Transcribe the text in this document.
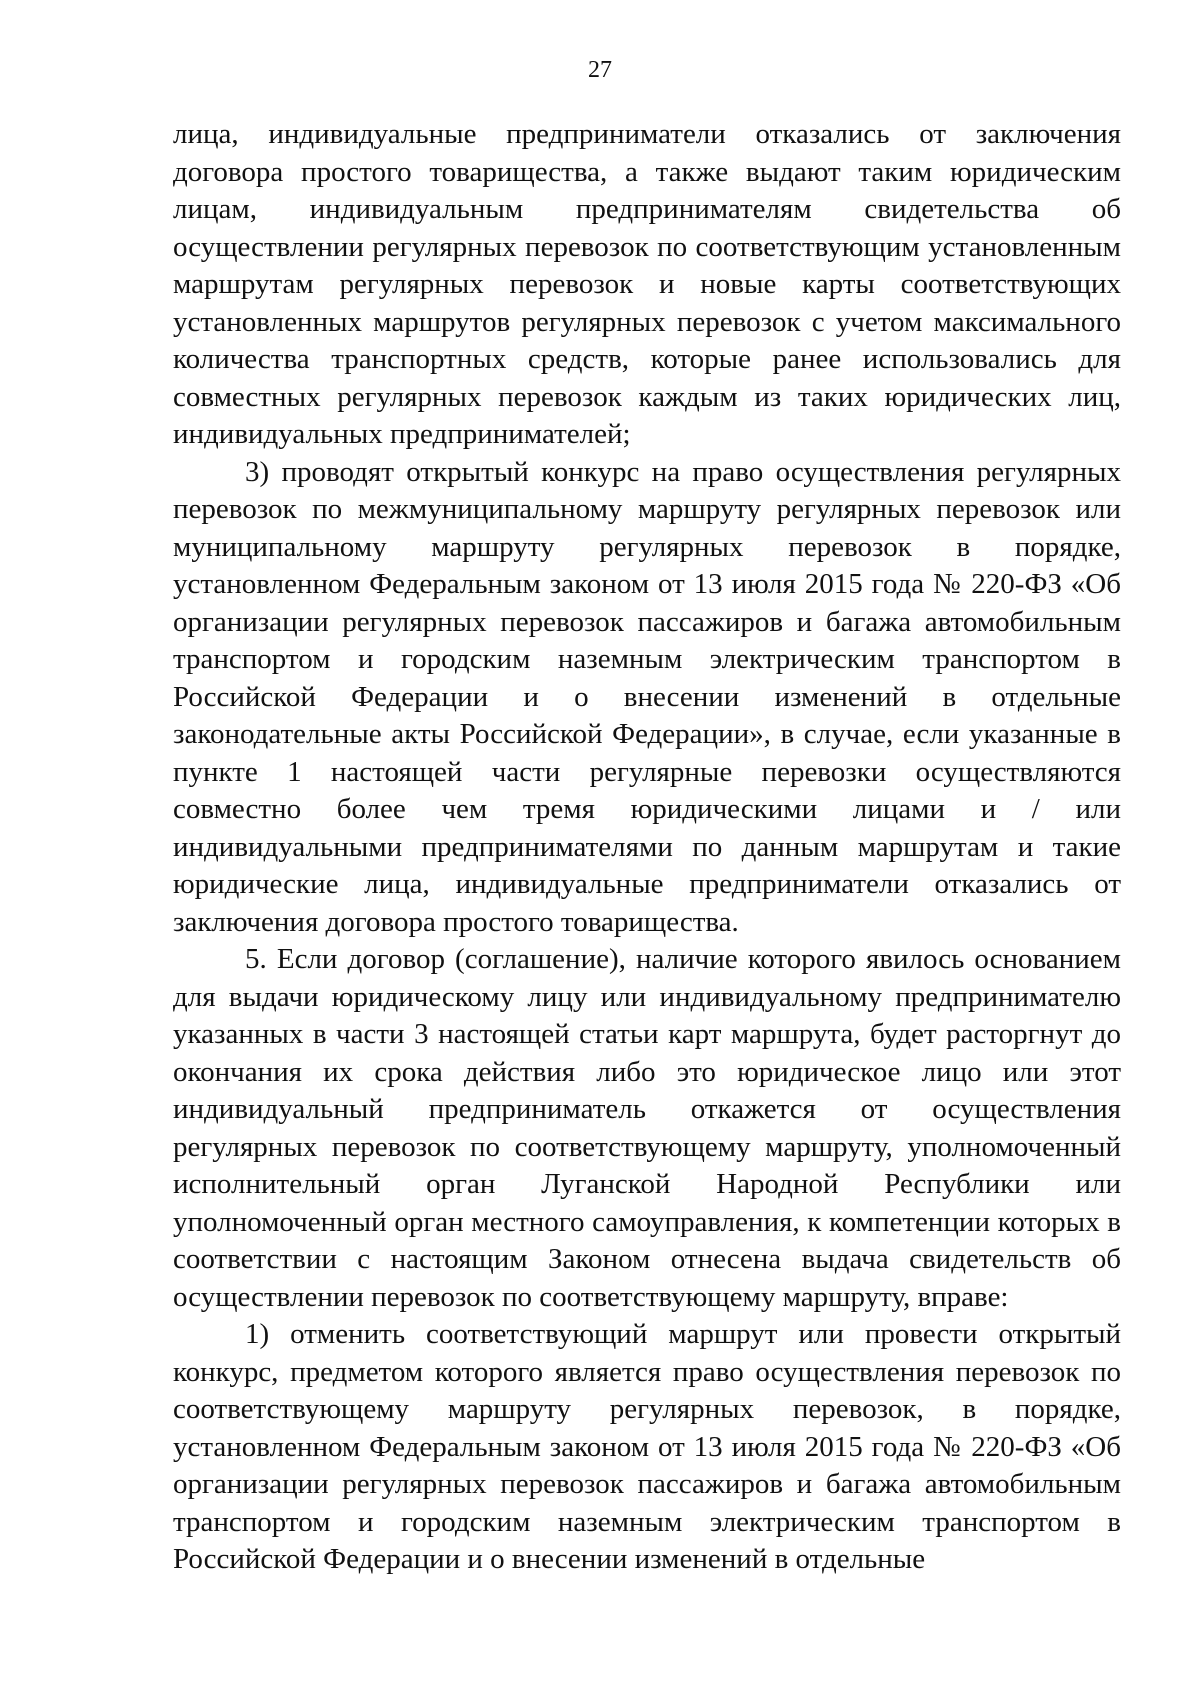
27

лица, индивидуальные предприниматели отказались от заключения договора простого товарищества, а также выдают таким юридическим лицам, индивидуальным предпринимателям свидетельства об осуществлении регулярных перевозок по соответствующим установленным маршрутам регулярных перевозок и новые карты соответствующих установленных маршрутов регулярных перевозок с учетом максимального количества транспортных средств, которые ранее использовались для совместных регулярных перевозок каждым из таких юридических лиц, индивидуальных предпринимателей;

3) проводят открытый конкурс на право осуществления регулярных перевозок по межмуниципальному маршруту регулярных перевозок или муниципальному маршруту регулярных перевозок в порядке, установленном Федеральным законом от 13 июля 2015 года № 220-ФЗ «Об организации регулярных перевозок пассажиров и багажа автомобильным транспортом и городским наземным электрическим транспортом в Российской Федерации и о внесении изменений в отдельные законодательные акты Российской Федерации», в случае, если указанные в пункте 1 настоящей части регулярные перевозки осуществляются совместно более чем тремя юридическими лицами и / или индивидуальными предпринимателями по данным маршрутам и такие юридические лица, индивидуальные предприниматели отказались от заключения договора простого товарищества.

5. Если договор (соглашение), наличие которого явилось основанием для выдачи юридическому лицу или индивидуальному предпринимателю указанных в части 3 настоящей статьи карт маршрута, будет расторгнут до окончания их срока действия либо это юридическое лицо или этот индивидуальный предприниматель откажется от осуществления регулярных перевозок по соответствующему маршруту, уполномоченный исполнительный орган Луганской Народной Республики или уполномоченный орган местного самоуправления, к компетенции которых в соответствии с настоящим Законом отнесена выдача свидетельств об осуществлении перевозок по соответствующему маршруту, вправе:

1) отменить соответствующий маршрут или провести открытый конкурс, предметом которого является право осуществления перевозок по соответствующему маршруту регулярных перевозок, в порядке, установленном Федеральным законом от 13 июля 2015 года № 220-ФЗ «Об организации регулярных перевозок пассажиров и багажа автомобильным транспортом и городским наземным электрическим транспортом в Российской Федерации и о внесении изменений в отдельные
